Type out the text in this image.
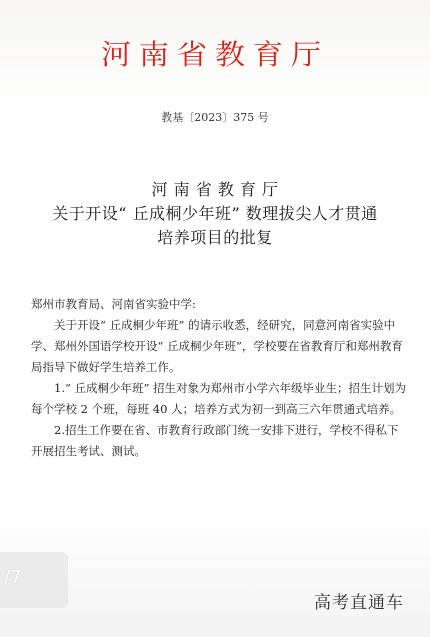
河南省教育厅
教基〔2023〕375 号
河 南 省 教 育 厅
关于开设“ 丘成桐少年班” 数理拔尖人才贯通
培养项目的批复

郑州市教育局、河南省实验中学:

关于开设“ 丘成桐少年班” 的请示收悉，经研究，同意河南省实验中学、郑州外国语学校开设“ 丘成桐少年班”，学校要在省教育厅和郑州教育局指导下做好学生培养工作。

1.“ 丘成桐少年班” 招生对象为郑州市小学六年级毕业生；招生计划为每个学校 2 个班，每班 40 人；培养方式为初一到高三六年贯通式培养。

2.招生工作要在省、市教育行政部门统一安排下进行，学校不得私下开展招生考试、测试。

/7
高考直通车
